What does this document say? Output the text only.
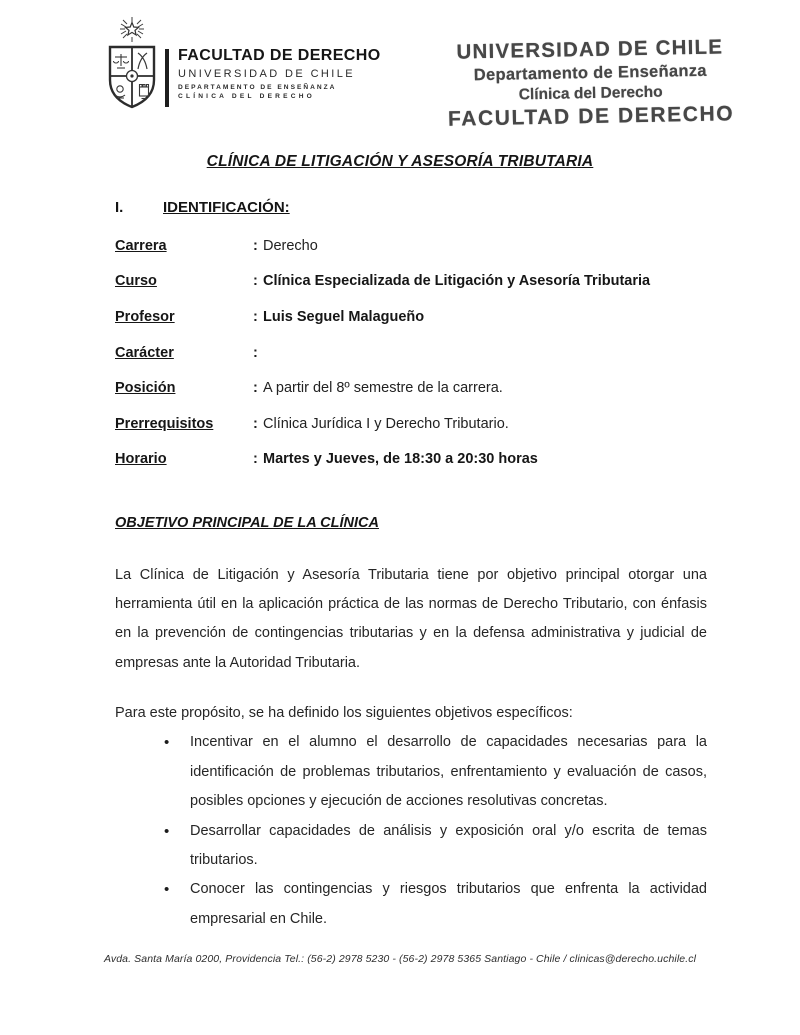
FACULTAD DE DERECHO
UNIVERSIDAD DE CHILE
DEPARTAMENTO DE ENSEÑANZA
CLÍNICA DEL DERECHO
UNIVERSIDAD DE CHILE
Departamento de Enseñanza
Clínica del Derecho
FACULTAD DE DERECHO
CLÍNICA DE LITIGACIÓN Y ASESORÍA TRIBUTARIA
I.	IDENTIFICACIÓN:
Carrera	: Derecho
Curso	: Clínica Especializada de Litigación y Asesoría Tributaria
Profesor	: Luis Seguel Malagueño
Carácter	:
Posición	: A partir del 8º semestre de la carrera.
Prerrequisitos	: Clínica Jurídica I y Derecho Tributario.
Horario	: Martes y Jueves, de 18:30 a 20:30 horas
OBJETIVO PRINCIPAL DE LA CLÍNICA
La Clínica de Litigación y Asesoría Tributaria tiene por objetivo principal otorgar una herramienta útil en la aplicación práctica de las normas de Derecho Tributario, con énfasis en la prevención de contingencias tributarias y en la defensa administrativa y judicial de empresas ante la Autoridad Tributaria.
Para este propósito, se ha definido los siguientes objetivos específicos:
• Incentivar en el alumno el desarrollo de capacidades necesarias para la identificación de problemas tributarios, enfrentamiento y evaluación de casos, posibles opciones y ejecución de acciones resolutivas concretas.
• Desarrollar capacidades de análisis y exposición oral y/o escrita de temas tributarios.
• Conocer las contingencias y riesgos tributarios que enfrenta la actividad empresarial en Chile.
Avda. Santa María 0200, Providencia Tel.: (56-2) 2978 5230 - (56-2) 2978 5365 Santiago - Chile / clinicas@derecho.uchile.cl
